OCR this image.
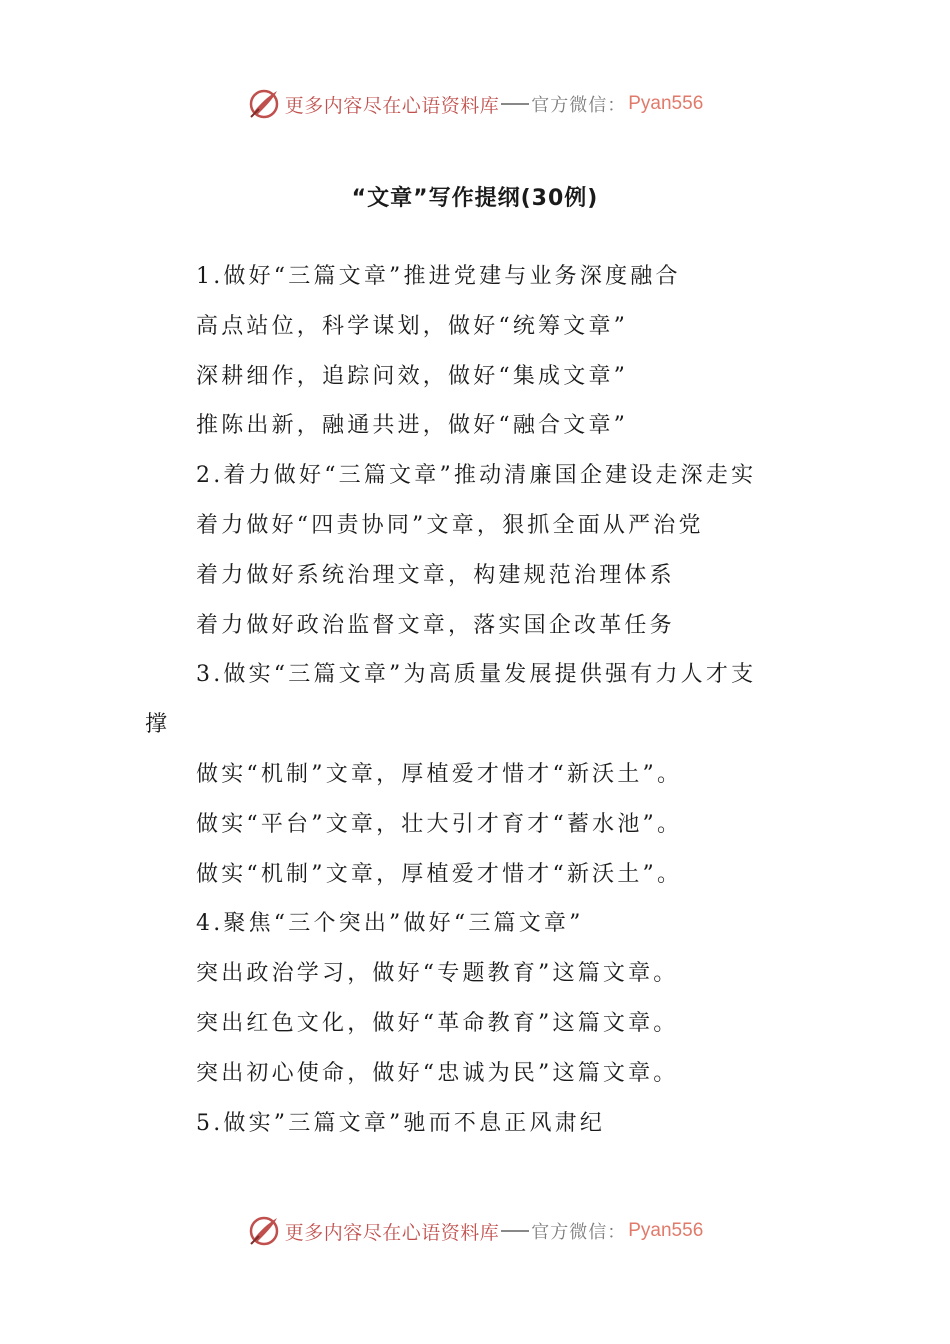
更多内容尽在心语资料库 官方微信： Pyan556
“文章”写作提纲(30例)
1.做好“三篇文章”推进党建与业务深度融合
高点站位，科学谋划，做好“统筹文章”
深耕细作，追踪问效，做好“集成文章”
推陈出新，融通共进，做好“融合文章”
2.着力做好“三篇文章”推动清廉国企建设走深走实
着力做好“四责协同”文章，狠抓全面从严治党
着力做好系统治理文章，构建规范治理体系
着力做好政治监督文章，落实国企改革任务
3.做实“三篇文章”为高质量发展提供强有力人才支
撑
做实“机制”文章，厚植爱才惜才“新沃土”。
做实“平台”文章，壮大引才育才“蓄水池”。
做实“机制”文章，厚植爱才惜才“新沃土”。
4.聚焦“三个突出”做好“三篇文章”
突出政治学习，做好“专题教育”这篇文章。
突出红色文化，做好“革命教育”这篇文章。
突出初心使命，做好“忠诚为民”这篇文章。
5.做实”三篇文章”驰而不息正风肃纪
更多内容尽在心语资料库 官方微信： Pyan556
